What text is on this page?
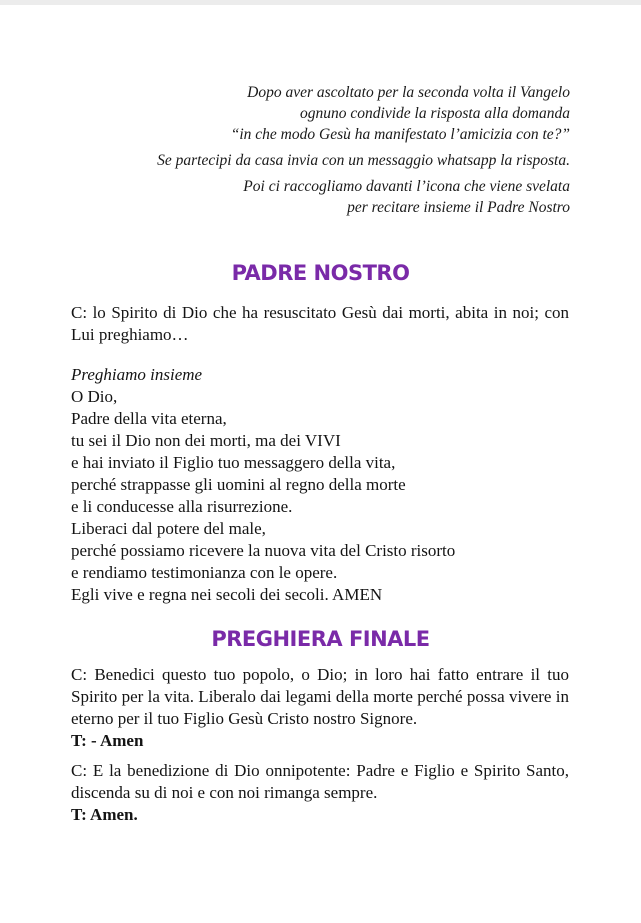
Dopo aver ascoltato per la seconda volta il Vangelo

ognuno condivide la risposta alla domanda

“in che modo Gesù ha manifestato l’amicizia con te?”

Se partecipi da casa invia con un messaggio whatsapp la risposta.

Poi ci raccogliamo davanti l’icona che viene svelata

per recitare insieme il Padre Nostro

PADRE NOSTRO

C: lo Spirito di Dio che ha resuscitato Gesù dai morti, abita in noi; con Lui preghiamo…

Preghiamo insieme

O Dio,

Padre della vita eterna,

tu sei il Dio non dei morti, ma dei VIVI

e hai inviato il Figlio tuo messaggero della vita,

perché strappasse gli uomini al regno della morte

e li conducesse alla risurrezione.

Liberaci dal potere del male,

perché possiamo ricevere la nuova vita del Cristo risorto

e rendiamo testimonianza con le opere.

Egli vive e regna nei secoli dei secoli. AMEN

PREGHIERA FINALE

C: Benedici questo tuo popolo, o Dio; in loro hai fatto entrare il tuo Spirito per la vita. Liberalo dai legami della morte perché possa vivere in eterno per il tuo Figlio Gesù Cristo nostro Signore.

T: - Amen

C: E la benedizione di Dio onnipotente: Padre e Figlio e Spirito Santo, discenda su di noi e con noi rimanga sempre.

T: Amen.
